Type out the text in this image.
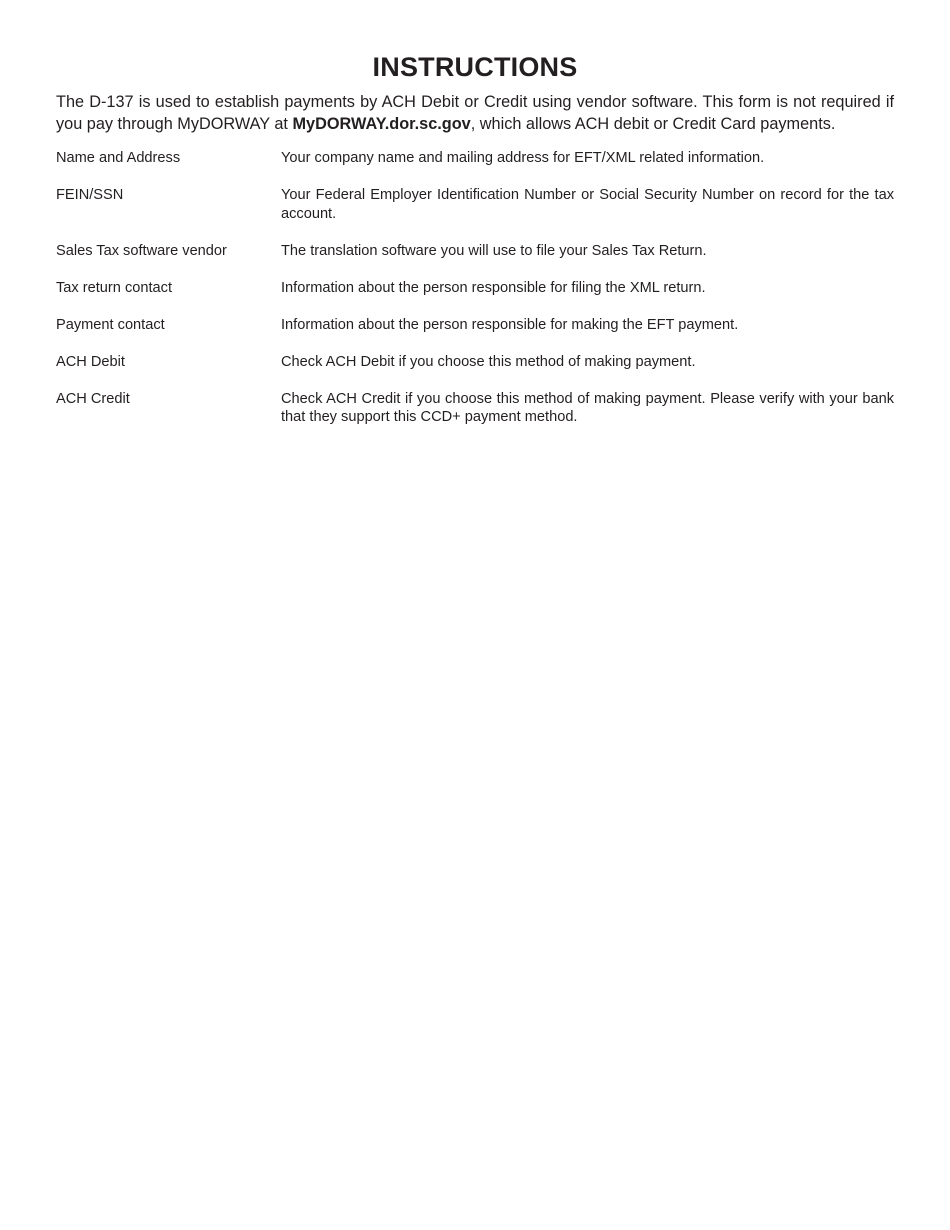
INSTRUCTIONS

The D-137 is used to establish payments by ACH Debit or Credit using vendor software. This form is not required if you pay through MyDORWAY at MyDORWAY.dor.sc.gov, which allows ACH debit or Credit Card payments.

Name and Address	Your company name and mailing address for EFT/XML related information.
FEIN/SSN	Your Federal Employer Identification Number or Social Security Number on record for the tax account.
Sales Tax software vendor	The translation software you will use to file your Sales Tax Return.
Tax return contact	Information about the person responsible for filing the XML return.
Payment contact	Information about the person responsible for making the EFT payment.
ACH Debit	Check ACH Debit if you choose this method of making payment.
ACH Credit	Check ACH Credit if you choose this method of making payment. Please verify with your bank that they support this CCD+ payment method.
